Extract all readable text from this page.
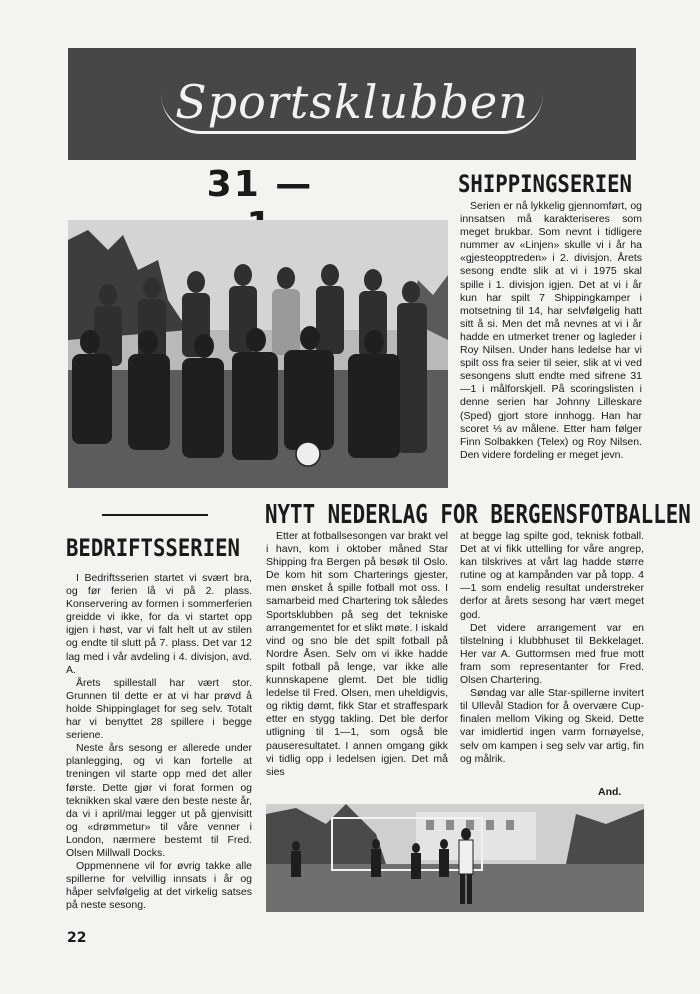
Sportsklubben
31 —	SHIPPINGSERIEN

Serien er nå lykkelig gjennomført, og innsatsen må karakteriseres som meget brukbar. Som nevnt i tidligere nummer av «Linjen» skulle vi i år ha «gjesteopptreden» i 2. divisjon. Årets sesong endte slik at vi i 1975 skal spille i 1. divisjon igjen. Det at vi i år kun har spilt 7 Shippingkamper i motsetning til 14, har selvfølgelig hatt sitt å si. Men det må nevnes at vi i år hadde en utmerket trener og lagleder i Roy Nilsen. Under hans ledelse har vi spilt oss fra seier til seier, slik at vi ved sesongens slutt endte med sifrene 31—1 i målforskjell. På scoringslisten i denne serien har Johnny Lilleskare (Sped) gjort store innhogg. Han har scoret ⅓ av målene. Etter ham følger Finn Solbakken (Telex) og Roy Nilsen. Den videre fordeling er meget jevn.

NYTT NEDERLAG FOR BERGENSFOTBALLEN
BEDRIFTSSERIEN

I Bedriftsserien startet vi svært bra, og før ferien lå vi på 2. plass. Konservering av formen i sommerferien greidde vi ikke, for da vi startet opp igjen i høst, var vi falt helt ut av stilen og endte til slutt på 7. plass. Det var 12 lag med i vår avdeling i 4. divisjon, avd. A.

Årets spillestall har vært stor. Grunnen til dette er at vi har prøvd å holde Shippinglaget for seg selv. Totalt har vi benyttet 28 spillere i begge seriene.

Neste års sesong er allerede under planlegging, og vi kan fortelle at treningen vil starte opp med det aller første. Dette gjør vi forat formen og teknikken skal være den beste neste år, da vi i april/mai legger ut på gjenvisitt og «drømmetur» til våre venner i London, nærmere bestemt til Fred. Olsen Millwall Docks.

Oppmennene vil for øvrig takke alle spillerne for velvillig innsats i år og håper selvfølgelig at det virkelig satses på neste sesong.

Etter at fotballsesongen var brakt vel i havn, kom i oktober måned Star Shipping fra Bergen på besøk til Oslo. De kom hit som Charterings gjester, men ønsket å spille fotball mot oss. I samarbeid med Chartering tok således Sportsklubben på seg det tekniske arrangementet for et slikt møte. I iskald vind og sno ble det spilt fotball på Nordre Åsen. Selv om vi ikke hadde spilt fotball på lenge, var ikke alle kunnskapene glemt. Det ble tidlig ledelse til Fred. Olsen, men uheldigvis, og riktig dømt, fikk Star et straffespark etter en stygg takling. Det ble derfor utligning til 1—1, som også ble pauseresultatet. I annen omgang gikk vi tidlig opp i ledelsen igjen. Det må sies

at begge lag spilte god, teknisk fotball. Det at vi fikk uttelling for våre angrep, kan tilskrives at vårt lag hadde større rutine og at kampånden var på topp. 4—1 som endelig resultat understreker derfor at årets sesong har vært meget god.

Det videre arrangement var en tilstelning i klubbhuset til Bekkelaget. Her var A. Guttormsen med frue mott fram som representanter for Fred. Olsen Chartering.

Søndag var alle Star-spillerne invitert til Ullevål Stadion for å overvære Cup-finalen mellom Viking og Skeid. Dette var imidlertid ingen varm fornøyelse, selv om kampen i seg selv var artig, fin og målrik.

And.
22
